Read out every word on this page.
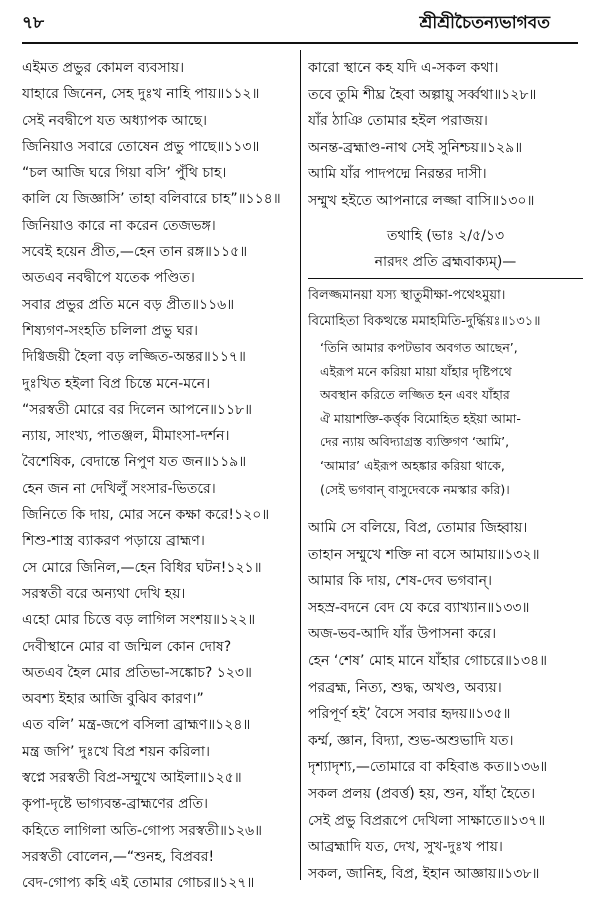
৭৮	শ্রীশ্রীচৈতন্যভাগবত
এইমত প্রভুর কোমল ব্যবসায়।
যাহারে জিনেন, সেহ দুঃখ নাহি পায়॥১১২॥
সেই নবদ্বীপে যত অধ্যাপক আছে।
জিনিয়াও সবারে তোষেন প্রভু পাছে॥১১৩॥
“চল আজি ঘরে গিয়া বসি’ পুঁথি চাহ।
কালি যে জিজ্ঞাসি’ তাহা বলিবারে চাহ”॥১১৪॥
জিনিয়াও কারে না করেন তেজভঙ্গ।
সবেই হয়েন প্রীত,—হেন তান রঙ্গ॥১১৫॥
অতএব নবদ্বীপে যতেক পণ্ডিত।
সবার প্রভুর প্রতি মনে বড় প্রীত॥১১৬॥
শিষ্যগণ-সংহতি চলিলা প্রভু ঘর।
দিগ্বিজয়ী হৈলা বড় লজ্জিত-অন্তর॥১১৭॥
দুঃখিত হইলা বিপ্র চিন্তে মনে-মনে।
“সরস্বতী মোরে বর দিলেন আপনে॥১১৮॥
ন্যায়, সাংখ্য, পাতঞ্জল, মীমাংসা-দর্শন।
বৈশেষিক, বেদান্তে নিপুণ যত জন॥১১৯॥
হেন জন না দেখিলুঁ সংসার-ভিতরে।
জিনিতে কি দায়, মোর সনে কক্ষা করে!১২০॥
শিশু-শাস্ত্র ব্যাকরণ পড়ায়ে ব্রাহ্মণ।
সে মোরে জিনিল,—হেন বিধির ঘটন!১২১॥
সরস্বতী বরে অন্যথা দেখি হয়।
এহো মোর চিত্তে বড় লাগিল সংশয়॥১২২॥
দেবীস্থানে মোর বা জন্মিল কোন দোষ?
অতএব হৈল মোর প্রতিভা-সঙ্কোচ? ১২৩॥
অবশ্য ইহার আজি বুঝিব কারণ।”
এত বলি’ মন্ত্র-জপে বসিলা ব্রাহ্মণ॥১২৪॥
মন্ত্র জপি’ দুঃখে বিপ্র শয়ন করিলা।
স্বপ্নে সরস্বতী বিপ্র-সম্মুখে আইলা॥১২৫॥
কৃপা-দৃষ্টে ভাগ্যবন্ত-ব্রাহ্মণের প্রতি।
কহিতে লাগিলা অতি-গোপ্য সরস্বতী॥১২৬॥
সরস্বতী বোলেন,—“শুনহ, বিপ্রবর!
বেদ-গোপ্য কহি এই তোমার গোচর॥১২৭॥
কারো স্থানে কহ যদি এ-সকল কথা।
তবে তুমি শীঘ্র হৈবা অল্পায়ু সর্ব্বথা॥১২৮॥
যাঁর ঠাঞি তোমার হইল পরাজয়।
অনন্ত-ব্রহ্মাণ্ড-নাথ সেই সুনিশ্চয়॥১২৯॥
আমি যাঁর পাদপদ্মে নিরন্তর দাসী।
সম্মুখ হইতে আপনারে লজ্জা বাসি॥১৩০॥
তথাহি (ভাঃ ২/৫/১৩
নারদং প্রতি ব্রহ্মবাক্যম্)—
বিলজ্জমানয়া যস্য স্থাতুমীক্ষা-পথেঽমুয়া।
বিমোহিতা বিকত্থন্তে মমাহমিতি-দুর্দ্ধিয়ঃ॥১৩১॥
‘তিনি আমার কপটভাব অবগত আছেন’,
এইরূপ মনে করিয়া মায়া যাঁহার দৃষ্টিপথে
অবস্থান করিতে লজ্জিত হন এবং যাঁহার
ঐ মায়াশক্তি-কর্ত্তৃক বিমোহিত হইয়া আমা-
দের ন্যায় অবিদ্যাগ্রস্ত ব্যক্তিগণ ‘আমি’,
‘আমার’ এইরূপ অহঙ্কার করিয়া থাকে,
(সেই ভগবান্ বাসুদেবকে নমস্কার করি)।
আমি সে বলিয়ে, বিপ্র, তোমার জিহ্বায়।
তাহান সম্মুখে শক্তি না বসে আমায়॥১৩২॥
আমার কি দায়, শেষ-দেব ভগবান্।
সহস্র-বদনে বেদ যে করে ব্যাখ্যান॥১৩৩॥
অজ-ভব-আদি যাঁর উপাসনা করে।
হেন ‘শেষ’ মোহ মানে যাঁহার গোচরে॥১৩৪॥
পরব্রহ্ম, নিত্য, শুদ্ধ, অখণ্ড, অব্যয়।
পরিপূর্ণ হই’ বৈসে সবার হৃদয়॥১৩৫॥
কর্ম্ম, জ্ঞান, বিদ্যা, শুভ-অশুভাদি যত।
দৃশ্যাদৃশ্য,—তোমারে বা কহিবাঙ কত॥১৩৬॥
সকল প্রলয় (প্রবর্ত্ত) হয়, শুন, যাঁহা হৈতে।
সেই প্রভু বিপ্ররূপে দেখিলা সাক্ষাতে॥১৩৭॥
আব্রহ্মাদি যত, দেখ, সুখ-দুঃখ পায়।
সকল, জানিহ, বিপ্র, ইহান আজ্ঞায়॥১৩৮॥
